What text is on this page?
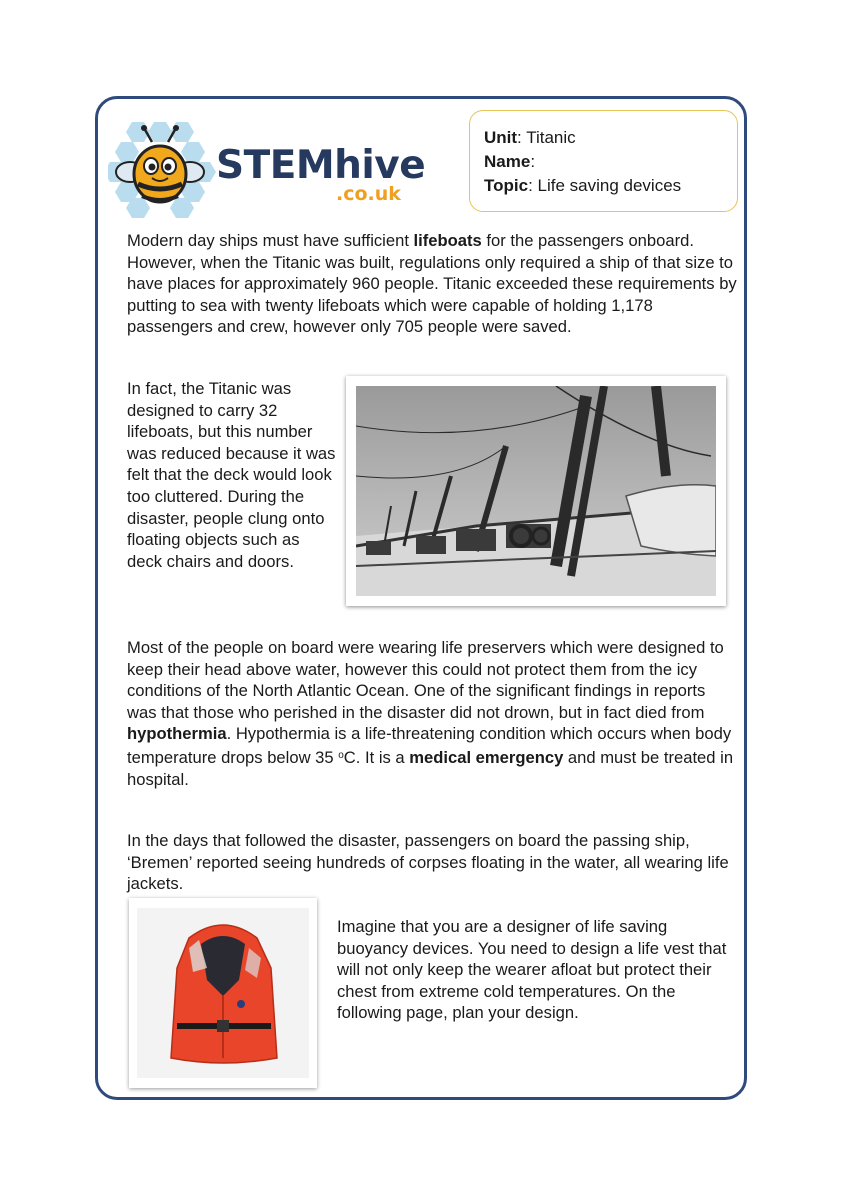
STEMhive
.co.uk
Unit: Titanic
Name:
Topic: Life saving devices

Modern day ships must have sufficient lifeboats for the passengers onboard. However, when the Titanic was built, regulations only required a ship of that size to have places for approximately 960 people. Titanic exceeded these requirements by putting to sea with twenty lifeboats which were capable of holding 1,178 passengers and crew, however only 705 people were saved.

In fact, the Titanic was designed to carry 32 lifeboats, but this number was reduced because it was felt that the deck would look too cluttered. During the disaster, people clung onto floating objects such as deck chairs and doors.

Most of the people on board were wearing life preservers which were designed to keep their head above water, however this could not protect them from the icy conditions of the North Atlantic Ocean. One of the significant findings in reports was that those who perished in the disaster did not drown, but in fact died from hypothermia. Hypothermia is a life-threatening condition which occurs when body temperature drops below 35 $^o$C. It is a medical emergency and must be treated in hospital.

In the days that followed the disaster, passengers on board the passing ship, ‘Bremen’ reported seeing hundreds of corpses floating in the water, all wearing life jackets.

Imagine that you are a designer of life saving buoyancy devices. You need to design a life vest that will not only keep the wearer afloat but protect their chest from extreme cold temperatures. On the following page, plan your design.
